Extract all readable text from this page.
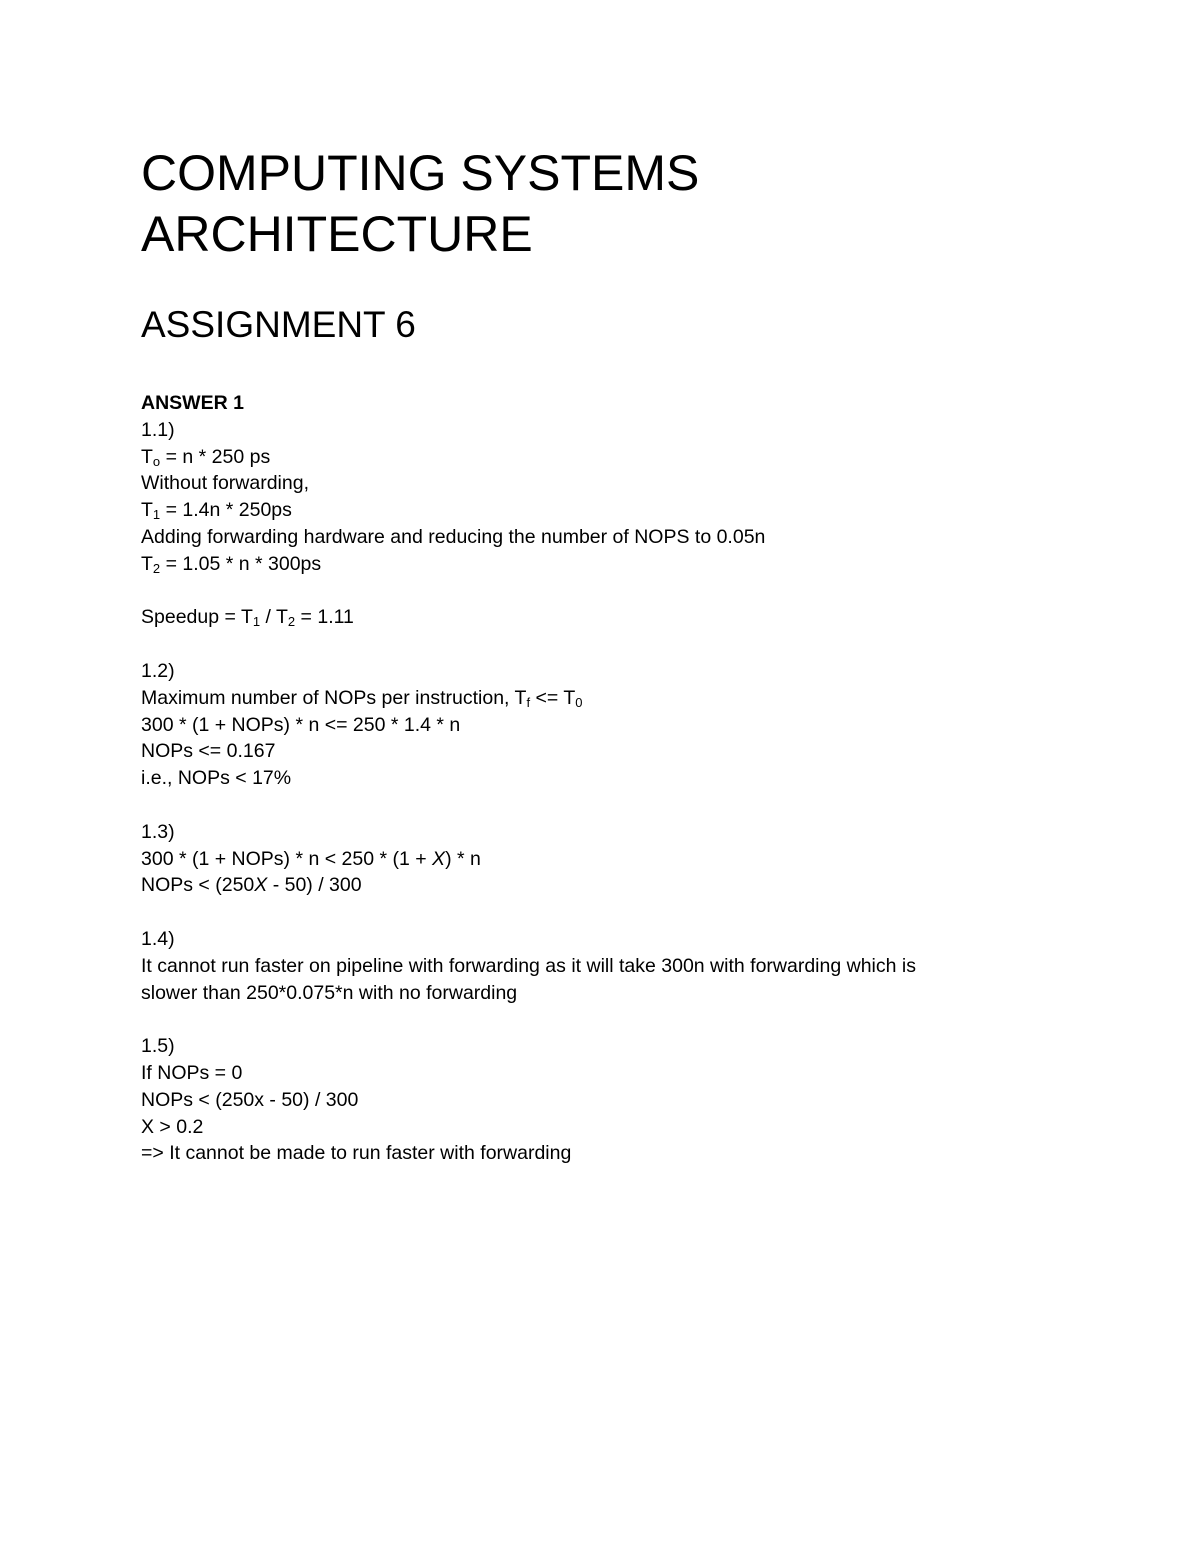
COMPUTING SYSTEMS
ARCHITECTURE
ASSIGNMENT 6
ANSWER 1
1.1)
$T_o = n * 250$ ps
Without forwarding,
$T_1 = 1.4n * 250ps$
Adding forwarding hardware and reducing the number of NOPS to 0.05n
$T_2 = 1.05 * n * 300ps$
Speedup = $T_1 / T_2 = 1.11$
1.2)
Maximum number of NOPs per instruction, $T_f <= T_0$
300 * (1 + NOPs) * n <= 250 * 1.4 * n
NOPs <= 0.167
i.e., NOPs < 17%
1.3)
300 * (1 + NOPs) * n < 250 * (1 + X) * n
NOPs < (250X - 50) / 300
1.4)
It cannot run faster on pipeline with forwarding as it will take 300n with forwarding which is
slower than 250*0.075*n with no forwarding
1.5)
If NOPs = 0
NOPs < (250x - 50) / 300
X > 0.2
=> It cannot be made to run faster with forwarding
